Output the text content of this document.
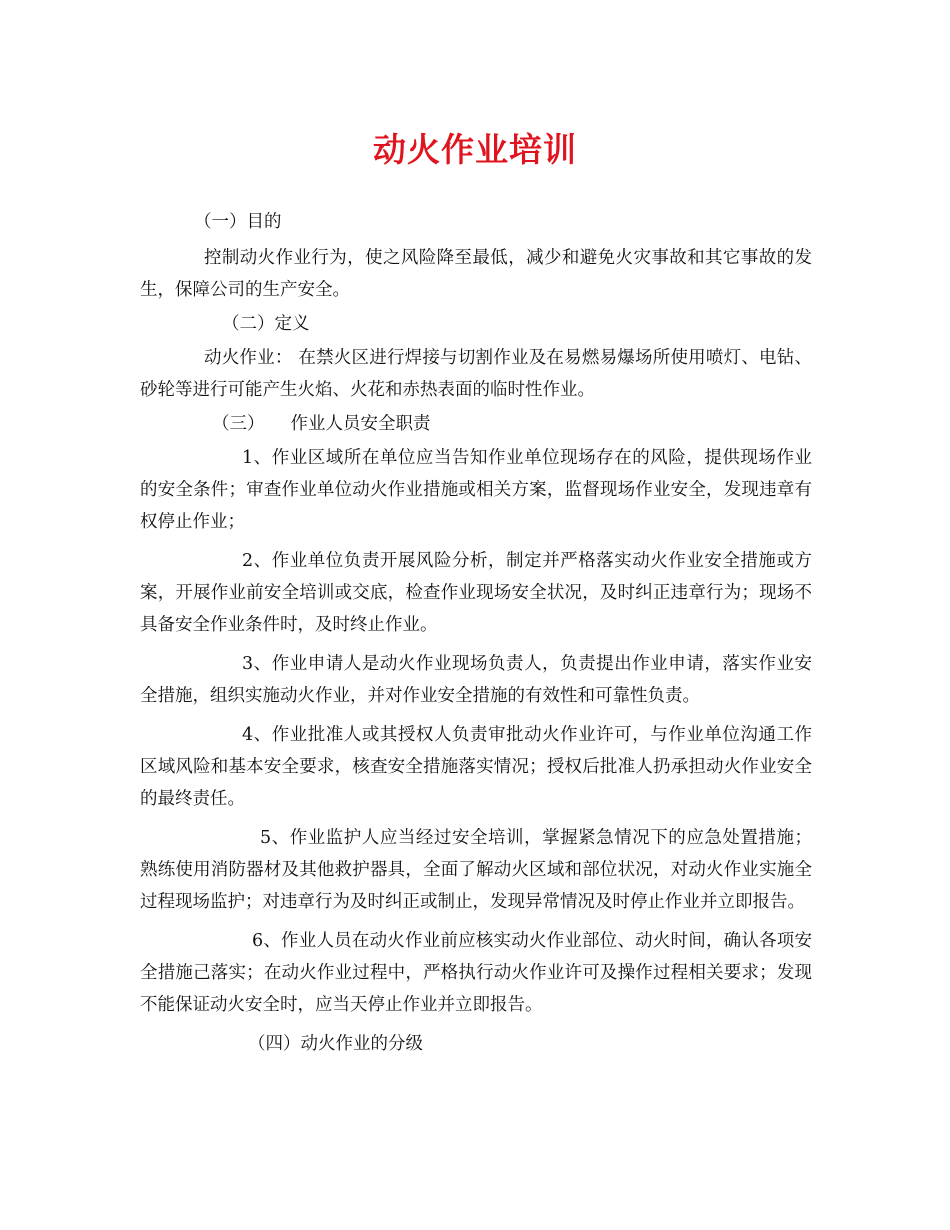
动火作业培训

（一）目的

控制动火作业行为，使之风险降至最低，减少和避免火灾事故和其它事故的发生，保障公司的生产安全。

（二）定义

动火作业： 在禁火区进行焊接与切割作业及在易燃易爆场所使用喷灯、电钻、砂轮等进行可能产生火焰、火花和赤热表面的临时性作业。

（三） 作业人员安全职责

1、作业区域所在单位应当告知作业单位现场存在的风险，提供现场作业的安全条件；审查作业单位动火作业措施或相关方案，监督现场作业安全，发现违章有权停止作业；

2、作业单位负责开展风险分析，制定并严格落实动火作业安全措施或方案，开展作业前安全培训或交底，检查作业现场安全状况，及时纠正违章行为；现场不具备安全作业条件时，及时终止作业。

3、作业申请人是动火作业现场负责人，负责提出作业申请，落实作业安全措施，组织实施动火作业，并对作业安全措施的有效性和可靠性负责。

4、作业批准人或其授权人负责审批动火作业许可，与作业单位沟通工作区域风险和基本安全要求，核查安全措施落实情况；授权后批准人扔承担动火作业安全的最终责任。

5、作业监护人应当经过安全培训，掌握紧急情况下的应急处置措施；熟练使用消防器材及其他救护器具，全面了解动火区域和部位状况，对动火作业实施全过程现场监护；对违章行为及时纠正或制止，发现异常情况及时停止作业并立即报告。

6、作业人员在动火作业前应核实动火作业部位、动火时间，确认各项安全措施己落实；在动火作业过程中，严格执行动火作业许可及操作过程相关要求；发现不能保证动火安全时，应当天停止作业并立即报告。

（四）动火作业的分级
